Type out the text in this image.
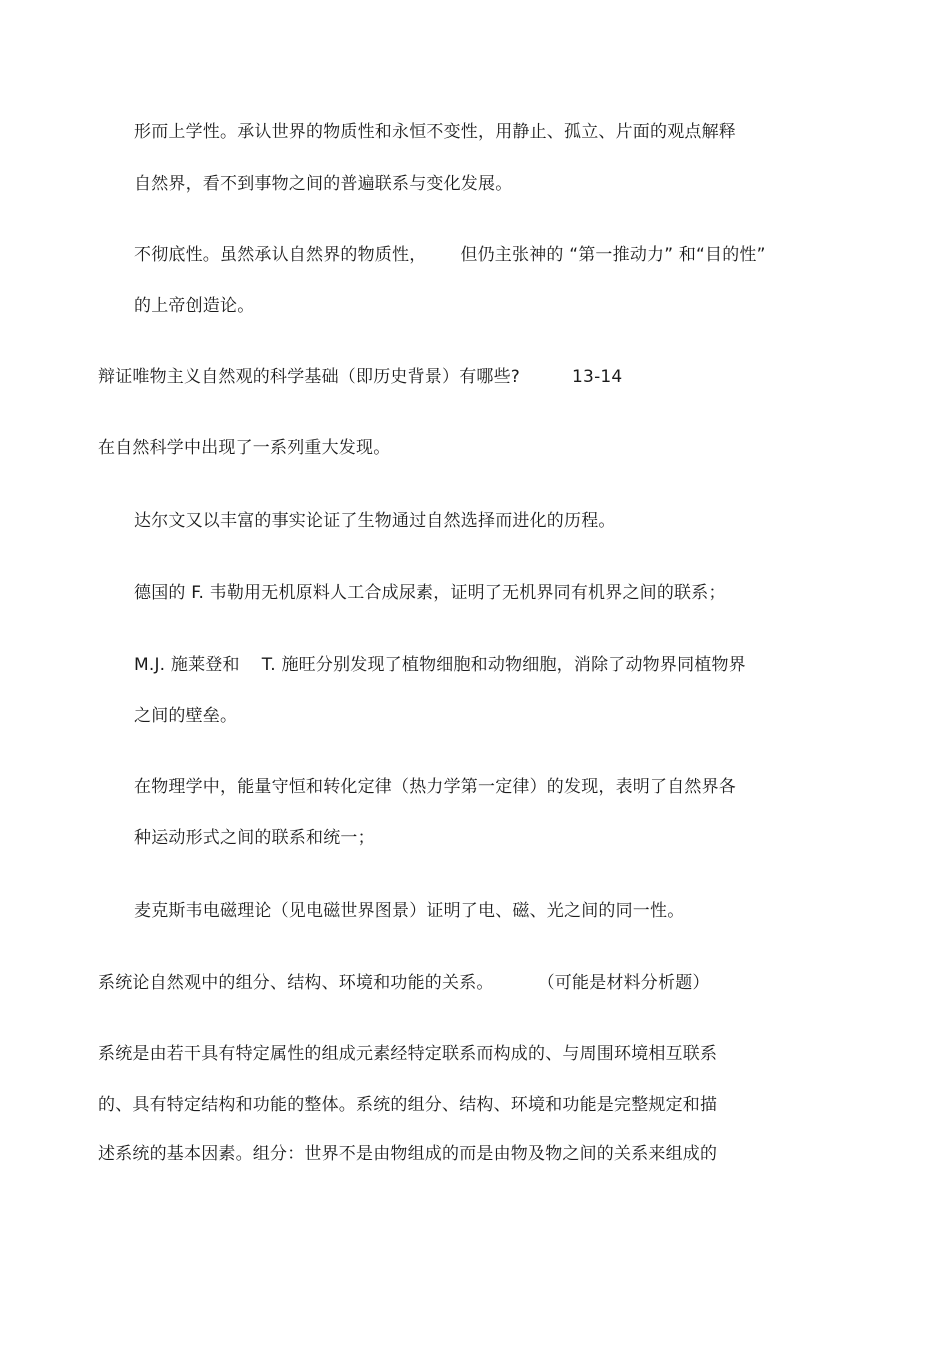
形而上学性。承认世界的物质性和永恒不变性，用静止、孤立、片面的观点解释
自然界，看不到事物之间的普遍联系与变化发展。
不彻底性。虽然承认自然界的物质性， 但仍主张神的 “第一推动力” 和“目的性”
的上帝创造论。
辩证唯物主义自然观的科学基础（即历史背景）有哪些?	13-14
在自然科学中出现了一系列重大发现。
达尔文又以丰富的事实论证了生物通过自然选择而进化的历程。
德国的 F. 韦勒用无机原料人工合成尿素，证明了无机界同有机界之间的联系；
M.J. 施莱登和 T. 施旺分别发现了植物细胞和动物细胞，消除了动物界同植物界
之间的壁垒。
在物理学中，能量守恒和转化定律（热力学第一定律）的发现，表明了自然界各
种运动形式之间的联系和统一；
麦克斯韦电磁理论（见电磁世界图景）证明了电、磁、光之间的同一性。
系统论自然观中的组分、结构、环境和功能的关系。	（可能是材料分析题）
系统是由若干具有特定属性的组成元素经特定联系而构成的、与周围环境相互联系
的、具有特定结构和功能的整体。系统的组分、结构、环境和功能是完整规定和描
述系统的基本因素。组分：世界不是由物组成的而是由物及物之间的关系来组成的
